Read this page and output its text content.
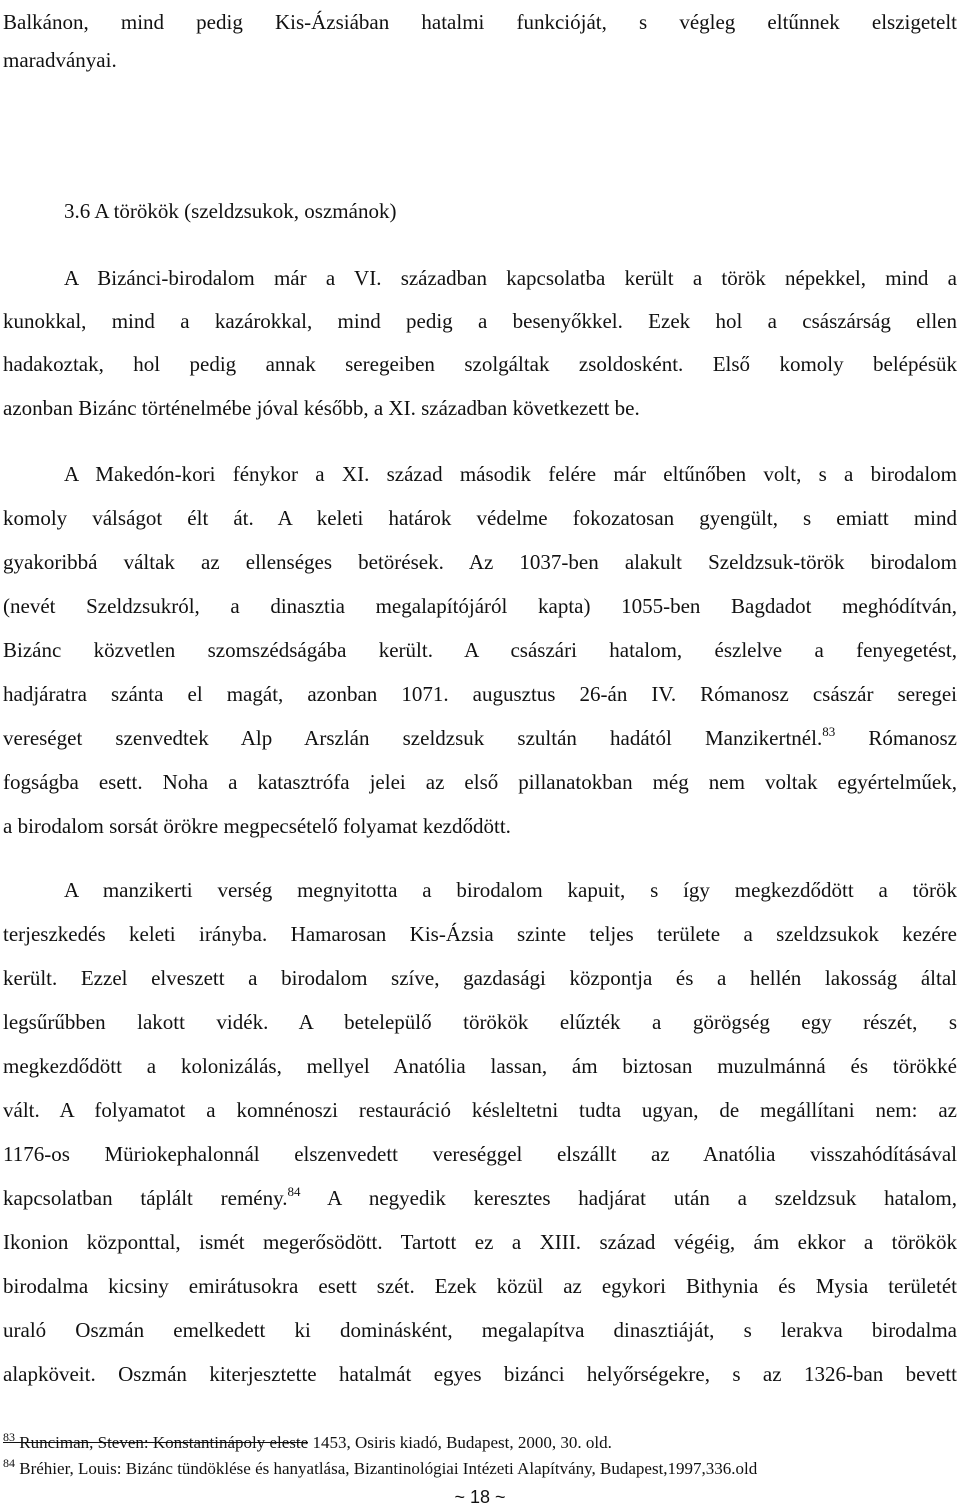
Balkánon, mind pedig Kis-Ázsiában hatalmi funkcióját, s végleg eltűnnek elszigetelt

maradványai.

3.6 A törökök (szeldzsukok, oszmánok)

A Bizánci-birodalom már a VI. században kapcsolatba került a török népekkel, mind a

kunokkal, mind a kazárokkal, mind pedig a besenyőkkel. Ezek hol a császárság ellen

hadakoztak, hol pedig annak seregeiben szolgáltak zsoldosként. Első komoly belépésük

azonban Bizánc történelmébe jóval később, a XI. században következett be.

A Makedón-kori fénykor a XI. század második felére már eltűnőben volt, s a birodalom

komoly válságot élt át. A keleti határok védelme fokozatosan gyengült, s emiatt mind

gyakoribbá váltak az ellenséges betörések. Az 1037-ben alakult Szeldzsuk-török birodalom

(nevét Szeldzsukról, a dinasztia megalapítójáról kapta) 1055-ben Bagdadot meghódítván,

Bizánc közvetlen szomszédságába került. A császári hatalom, észlelve a fenyegetést,

hadjáratra szánta el magát, azonban 1071. augusztus 26-án IV. Rómanosz császár seregei

vereséget szenvedtek Alp Arszlán szeldzsuk szultán hadától Manzikertnél.$^{83}$ Rómanosz

fogságba esett. Noha a katasztrófa jelei az első pillanatokban még nem voltak egyértelműek,

a birodalom sorsát örökre megpecsételő folyamat kezdődött.

A manzikerti verség megnyitotta a birodalom kapuit, s így megkezdődött a török

terjeszkedés keleti irányba. Hamarosan Kis-Ázsia szinte teljes területe a szeldzsukok kezére

került. Ezzel elveszett a birodalom szíve, gazdasági központja és a hellén lakosság által

legsűrűbben lakott vidék. A betelepülő törökök elűzték a görögség egy részét, s

megkezdődött a kolonizálás, mellyel Anatólia lassan, ám biztosan muzulmánná és törökké

vált. A folyamatot a komnénoszi restauráció késleltetni tudta ugyan, de megállítani nem: az

1176-os Müriokephalonnál elszenvedett vereséggel elszállt az Anatólia visszahódításával

kapcsolatban táplált remény.$^{84}$ A negyedik keresztes hadjárat után a szeldzsuk hatalom,

Ikonion központtal, ismét megerősödött. Tartott ez a XIII. század végéig, ám ekkor a törökök

birodalma kicsiny emirátusokra esett szét. Ezek közül az egykori Bithynia és Mysia területét

uraló Oszmán emelkedett ki dominásként, megalapítva dinasztiáját, s lerakva birodalma

alapköveit. Oszmán kiterjesztette hatalmát egyes bizánci helyőrségekre, s az 1326-ban bevett

$^{83}$ Runciman, Steven: Konstantinápoly eleste 1453, Osiris kiadó, Budapest, 2000, 30. old.

$^{84}$ Bréhier, Louis: Bizánc tündöklése és hanyatlása, Bizantinológiai Intézeti Alapítvány, Budapest,1997,336.old

~ 18 ~
